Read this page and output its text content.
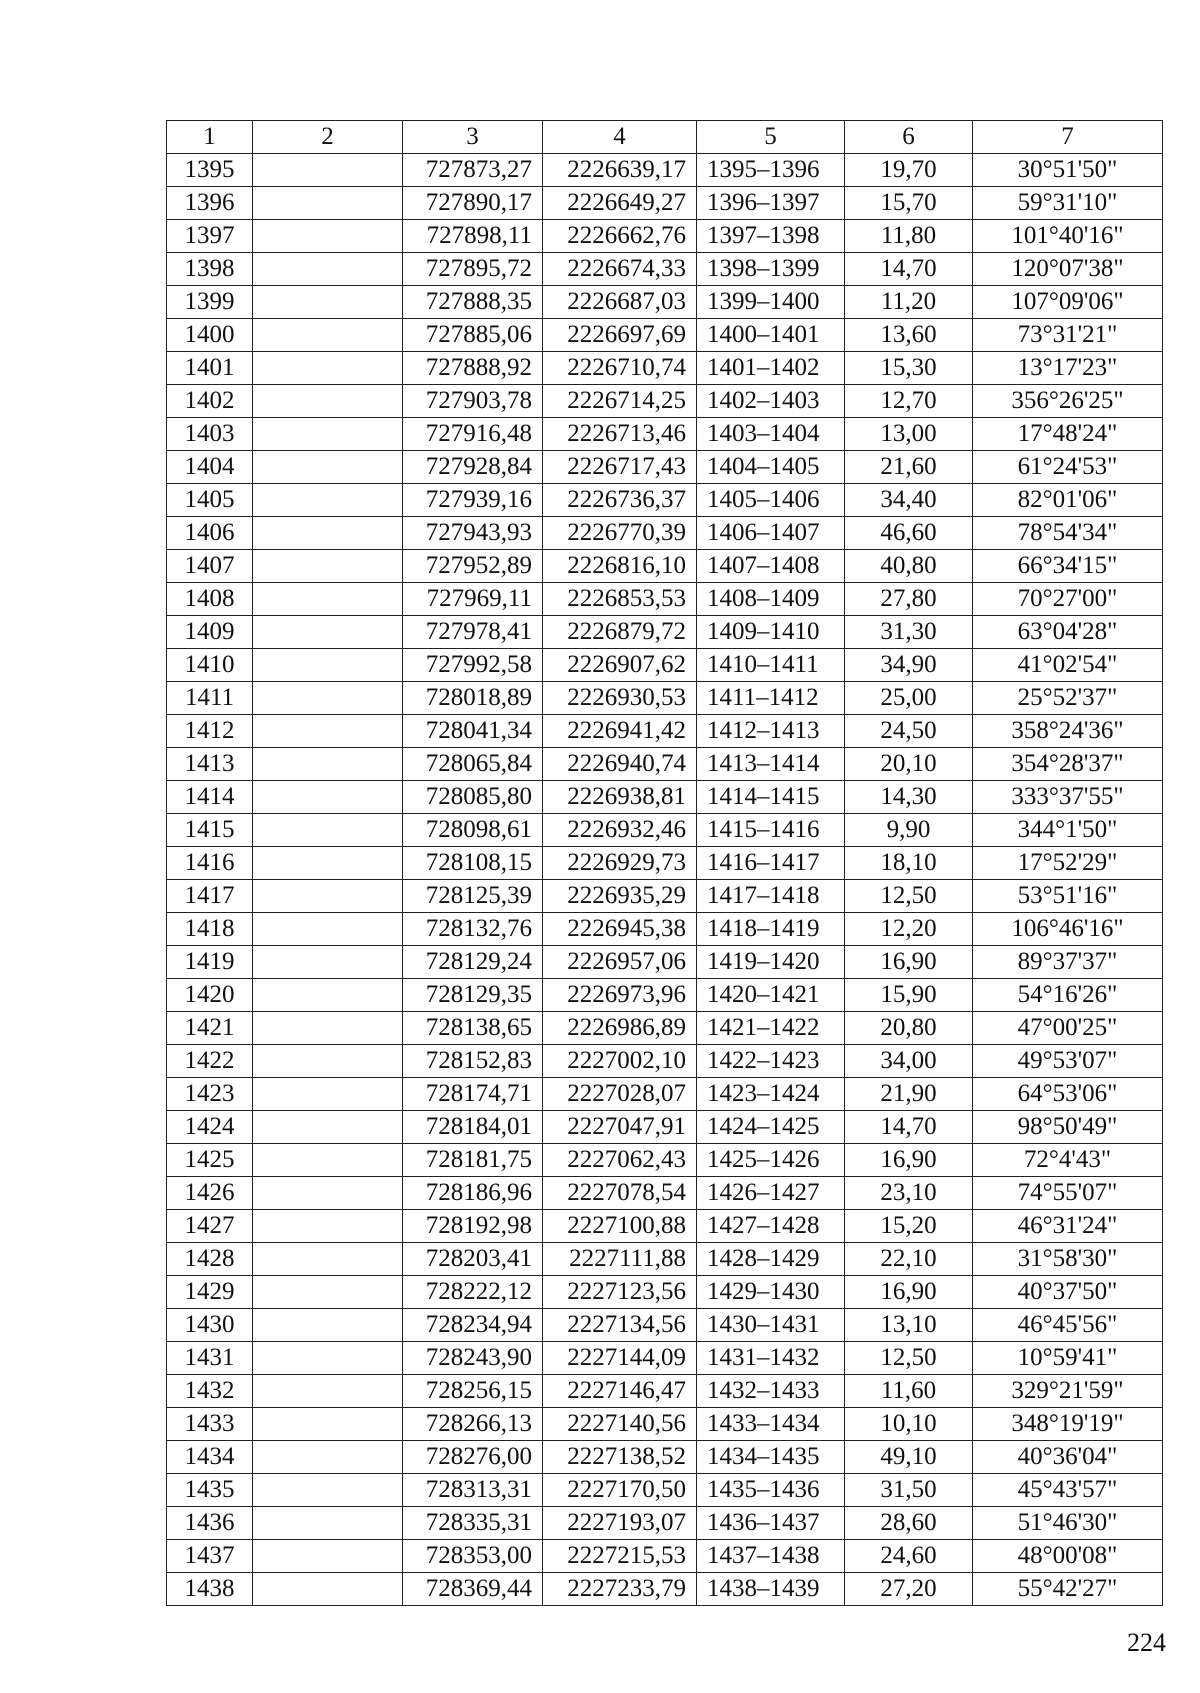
1	2	3	4	5	6	7
1395		727873,27	2226639,17	1395–1396	19,70	30°51'50"
1396		727890,17	2226649,27	1396–1397	15,70	59°31'10"
1397		727898,11	2226662,76	1397–1398	11,80	101°40'16"
1398		727895,72	2226674,33	1398–1399	14,70	120°07'38"
1399		727888,35	2226687,03	1399–1400	11,20	107°09'06"
1400		727885,06	2226697,69	1400–1401	13,60	73°31'21"
1401		727888,92	2226710,74	1401–1402	15,30	13°17'23"
1402		727903,78	2226714,25	1402–1403	12,70	356°26'25"
1403		727916,48	2226713,46	1403–1404	13,00	17°48'24"
1404		727928,84	2226717,43	1404–1405	21,60	61°24'53"
1405		727939,16	2226736,37	1405–1406	34,40	82°01'06"
1406		727943,93	2226770,39	1406–1407	46,60	78°54'34"
1407		727952,89	2226816,10	1407–1408	40,80	66°34'15"
1408		727969,11	2226853,53	1408–1409	27,80	70°27'00"
1409		727978,41	2226879,72	1409–1410	31,30	63°04'28"
1410		727992,58	2226907,62	1410–1411	34,90	41°02'54"
1411		728018,89	2226930,53	1411–1412	25,00	25°52'37"
1412		728041,34	2226941,42	1412–1413	24,50	358°24'36"
1413		728065,84	2226940,74	1413–1414	20,10	354°28'37"
1414		728085,80	2226938,81	1414–1415	14,30	333°37'55"
1415		728098,61	2226932,46	1415–1416	9,90	344°1'50"
1416		728108,15	2226929,73	1416–1417	18,10	17°52'29"
1417		728125,39	2226935,29	1417–1418	12,50	53°51'16"
1418		728132,76	2226945,38	1418–1419	12,20	106°46'16"
1419		728129,24	2226957,06	1419–1420	16,90	89°37'37"
1420		728129,35	2226973,96	1420–1421	15,90	54°16'26"
1421		728138,65	2226986,89	1421–1422	20,80	47°00'25"
1422		728152,83	2227002,10	1422–1423	34,00	49°53'07"
1423		728174,71	2227028,07	1423–1424	21,90	64°53'06"
1424		728184,01	2227047,91	1424–1425	14,70	98°50'49"
1425		728181,75	2227062,43	1425–1426	16,90	72°4'43"
1426		728186,96	2227078,54	1426–1427	23,10	74°55'07"
1427		728192,98	2227100,88	1427–1428	15,20	46°31'24"
1428		728203,41	2227111,88	1428–1429	22,10	31°58'30"
1429		728222,12	2227123,56	1429–1430	16,90	40°37'50"
1430		728234,94	2227134,56	1430–1431	13,10	46°45'56"
1431		728243,90	2227144,09	1431–1432	12,50	10°59'41"
1432		728256,15	2227146,47	1432–1433	11,60	329°21'59"
1433		728266,13	2227140,56	1433–1434	10,10	348°19'19"
1434		728276,00	2227138,52	1434–1435	49,10	40°36'04"
1435		728313,31	2227170,50	1435–1436	31,50	45°43'57"
1436		728335,31	2227193,07	1436–1437	28,60	51°46'30"
1437		728353,00	2227215,53	1437–1438	24,60	48°00'08"
1438		728369,44	2227233,79	1438–1439	27,20	55°42'27"
224
